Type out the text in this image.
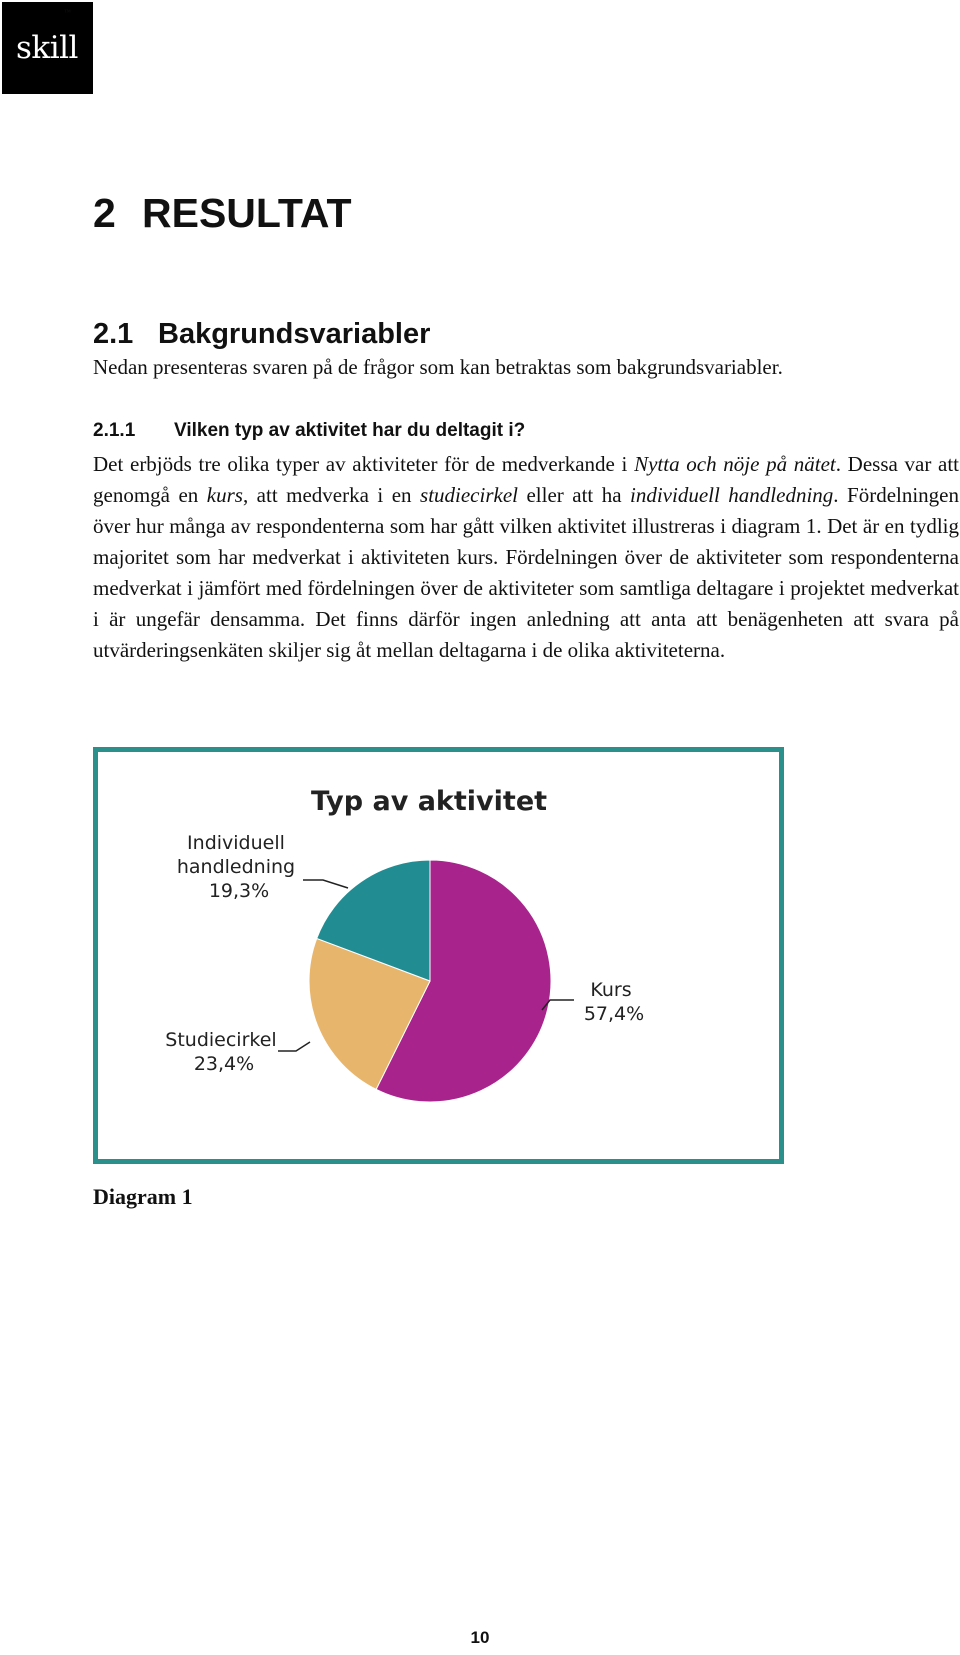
skill
™
2 RESULTAT
2.1 Bakgrundsvariabler

Nedan presenteras svaren på de frågor som kan betraktas som bakgrundsvariabler.

2.1.1 Vilken typ av aktivitet har du deltagit i?

Det erbjöds tre olika typer av aktiviteter för de medverkande i Nytta och nöje på nätet. Dessa var att genomgå en kurs, att medverka i en studiecirkel eller att ha individuell handledning. Fördelningen över hur många av respondenterna som har gått vilken aktivitet illustreras i diagram 1. Det är en tydlig majoritet som har medverkat i aktiviteten kurs. Fördelningen över de aktiviteter som respondenterna medverkat i jämfört med fördelningen över de aktiviteter som samtliga deltagare i projektet medverkat i är ungefär densamma. Det finns därför ingen anledning att anta att benägenheten att svara på utvärderingsenkäten skiljer sig åt mellan deltagarna i de olika aktiviteterna.

Typ av aktivitet
Individuell handledning 19,3%
Kurs 57,4%
Studiecirkel 23,4%

Diagram 1

10
